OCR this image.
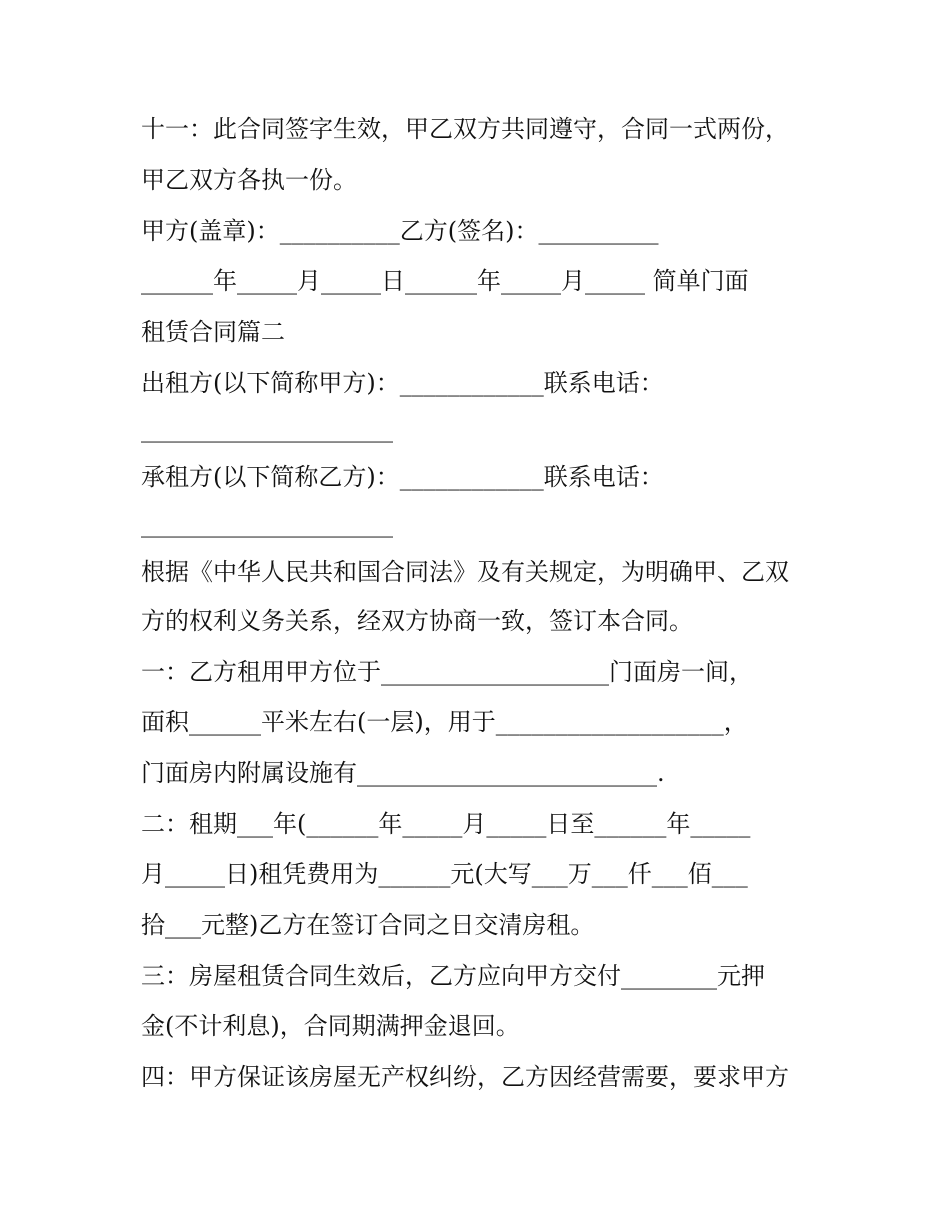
十一：此合同签字生效，甲乙双方共同遵守，合同一式两份，
甲乙双方各执一份。
甲方(盖章)：__________乙方(签名)：__________
______年_____月_____日______年_____月_____ 简单门面
租赁合同篇二
出租方(以下简称甲方)：____________联系电话：
_____________________
承租方(以下简称乙方)：____________联系电话：
_____________________
根据《中华人民共和国合同法》及有关规定，为明确甲、乙双
方的权利义务关系，经双方协商一致，签订本合同。
一：乙方租用甲方位于___________________门面房一间，
面积______平米左右(一层)，用于___________________，
门面房内附属设施有_________________________.
二：租期___年(______年_____月_____日至______年_____
月_____日)租凭费用为______元(大写___万___仟___佰___
拾___元整)乙方在签订合同之日交清房租。
三：房屋租赁合同生效后，乙方应向甲方交付________元押
金(不计利息)，合同期满押金退回。
四：甲方保证该房屋无产权纠纷，乙方因经营需要，要求甲方
